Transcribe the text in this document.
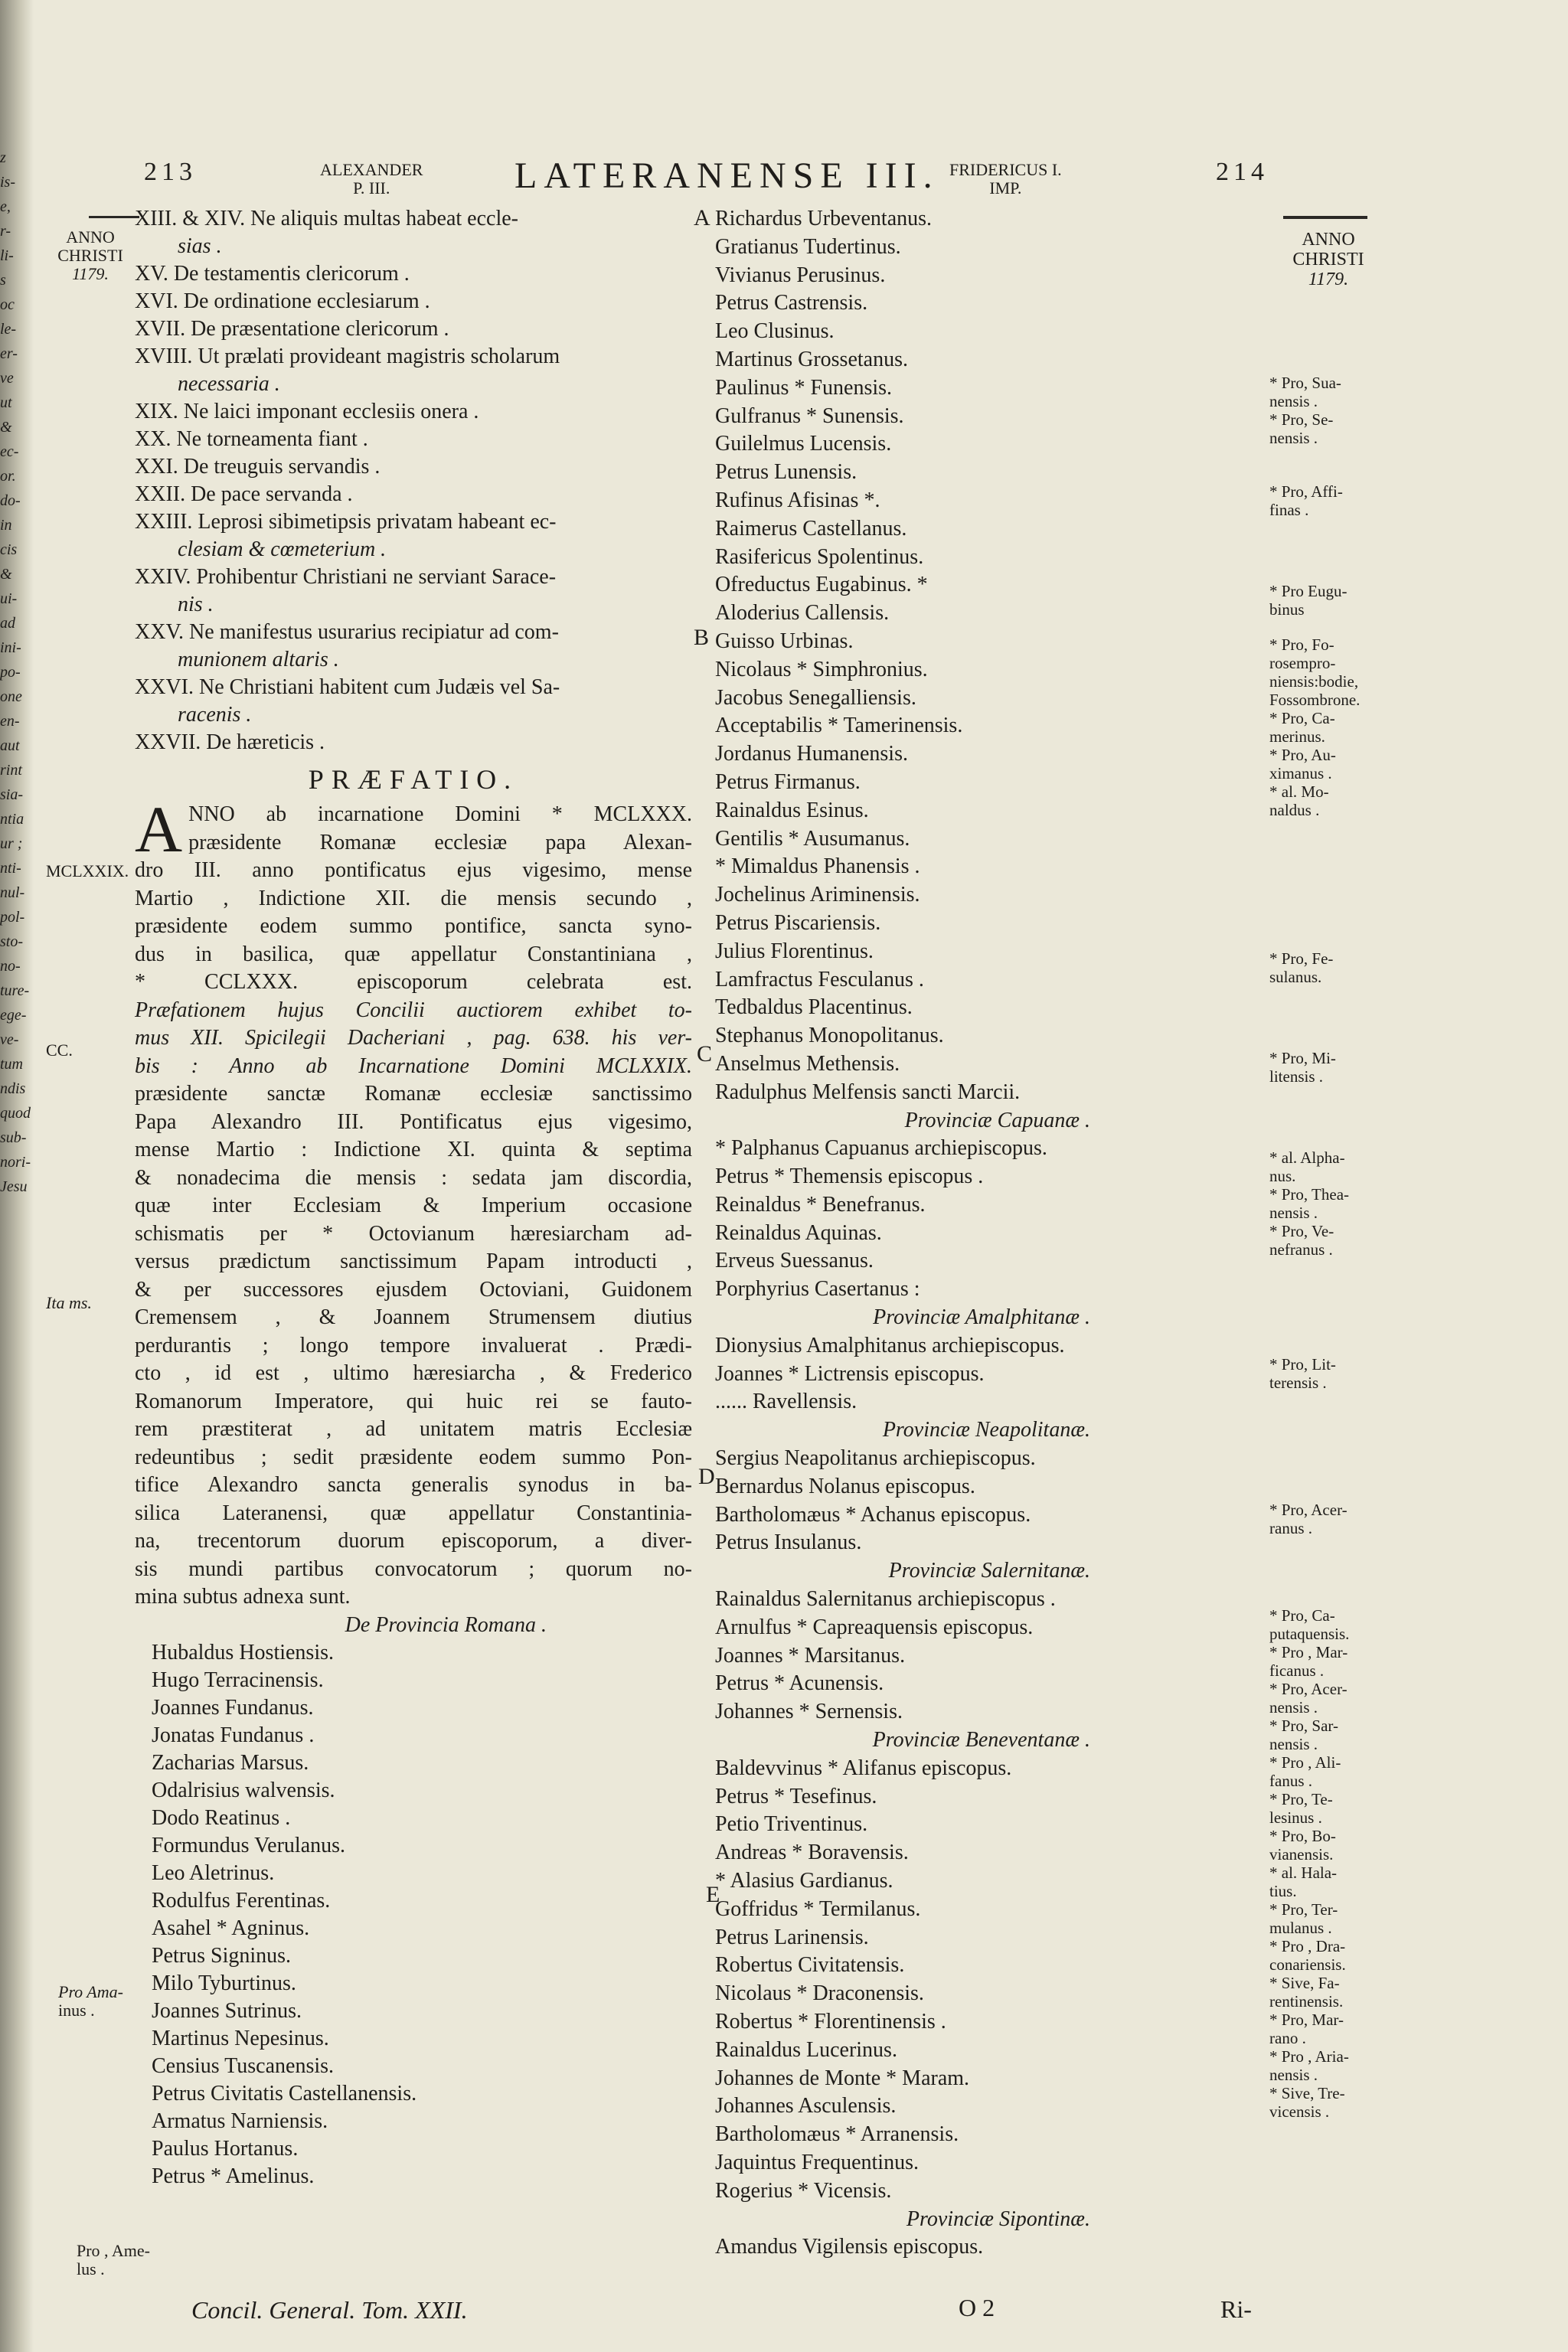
z
is-
e,
r-
li-
s
oc
le-
er-
ve
ut
&
ec-
or.
do-
in
cis
&
ui-
ad
ini-
po-
one
en-
aut
rint
sia-
ntia
ur ;
nti-
nul-
pol-
sto-
no-
ture-
ege-
ve-
tum
ndis
quod
sub-
nori-
Jesu
213	ALEXANDER
P. III.	LATERANENSE III. FRIDERICUS I.
IMP.
214
ANNO
CHRISTI
1179.
ANNO
CHRISTI
1179.
XIII. & XIV. Ne aliquis multas habeat eccle-
sias .
XV. De testamentis clericorum .
XVI. De ordinatione ecclesiarum .
XVII. De præsentatione clericorum .
XVIII. Ut prælati provideant magistris scholarum
necessaria .
XIX. Ne laici imponant ecclesiis onera .
XX. Ne torneamenta fiant .
XXI. De treuguis servandis .
XXII. De pace servanda .
XXIII. Leprosi sibimetipsis privatam habeant ec-
clesiam & cœmeterium .
XXIV. Prohibentur Christiani ne serviant Sarace-
nis .
XXV. Ne manifestus usurarius recipiatur ad com-
munionem altaris .
XXVI. Ne Christiani habitent cum Judæis vel Sa-
racenis .
XXVII. De hæreticis .
PRÆFATIO.
A NNO ab incarnatione Domini * MCLXXX.
præsidente Romanæ ecclesiæ papa Alexan-
dro III. anno pontificatus ejus vigesimo, mense
Martio , Indictione XII. die mensis secundo ,
præsidente eodem summo pontifice, sancta syno-
dus in basilica, quæ appellatur Constantiniana ,
* CCLXXX. episcoporum celebrata est.
Præfationem hujus Concilii auctiorem exhibet to-
mus XII. Spicilegii Dacheriani , pag. 638. his ver-
bis : Anno ab Incarnatione Domini MCLXXIX.
præsidente sanctæ Romanæ ecclesiæ sanctissimo
Papa Alexandro III. Pontificatus ejus vigesimo,
mense Martio : Indictione XI. quinta & septima
& nonadecima die mensis : sedata jam discordia,
quæ inter Ecclesiam & Imperium occasione
schismatis per * Octovianum hæresiarcham ad-
versus prædictum sanctissimum Papam introducti ,
& per successores ejusdem Octoviani, Guidonem
Cremensem , & Joannem Strumensem diutius
perdurantis ; longo tempore invaluerat . Prædi-
cto , id est , ultimo hæresiarcha , & Frederico
Romanorum Imperatore, qui huic rei se fauto-
rem præstiterat , ad unitatem matris Ecclesiæ
redeuntibus ; sedit præsidente eodem summo Pon-
tifice Alexandro sancta generalis synodus in ba-
silica Lateranensi, quæ appellatur Constantinia-
na, trecentorum duorum episcoporum, a diver-
sis mundi partibus convocatorum ; quorum no-
mina subtus adnexa sunt.
De Provincia Romana .
Hubaldus Hostiensis.
Hugo Terracinensis.
Joannes Fundanus.
Jonatas Fundanus .
Zacharias Marsus.
Odalrisius walvensis.
Dodo Reatinus .
Formundus Verulanus.
Leo Aletrinus.
Rodulfus Ferentinas.
Asahel * Agninus.
Petrus Signinus.
Milo Tyburtinus.
Joannes Sutrinus.
Martinus Nepesinus.
Censius Tuscanensis.
Petrus Civitatis Castellanensis.
Armatus Narniensis.
Paulus Hortanus.
Petrus * Amelinus.
Richardus Urbeventanus.
Gratianus Tudertinus.
Vivianus Perusinus.
Petrus Castrensis.
Leo Clusinus.
Martinus Grossetanus.
Paulinus * Funensis.
Gulfranus * Sunensis.
Guilelmus Lucensis.
Petrus Lunensis.
Rufinus Afisinas *.
Raimerus Castellanus.
Rasifericus Spolentinus.
Ofreductus Eugabinus. *
Aloderius Callensis.
Guisso Urbinas.
Nicolaus * Simphronius.
Jacobus Senegalliensis.
Acceptabilis * Tamerinensis.
Jordanus Humanensis.
Petrus Firmanus.
Rainaldus Esinus.
Gentilis * Ausumanus.
* Mimaldus Phanensis .
Jochelinus Ariminensis.
Petrus Piscariensis.
Julius Florentinus.
Lamfractus Fesculanus .
Tedbaldus Placentinus.
Stephanus Monopolitanus.
Anselmus Methensis.
Radulphus Melfensis sancti Marcii.
Provinciæ Capuanæ .
* Palphanus Capuanus archiepiscopus.
Petrus * Themensis episcopus .
Reinaldus * Benefranus.
Reinaldus Aquinas.
Erveus Suessanus.
Porphyrius Casertanus :
Provinciæ Amalphitanæ .
Dionysius Amalphitanus archiepiscopus.
Joannes * Lictrensis episcopus.
...... Ravellensis.
Provinciæ Neapolitanæ.
Sergius Neapolitanus archiepiscopus.
Bernardus Nolanus episcopus.
Bartholomæus * Achanus episcopus.
Petrus Insulanus.
Provinciæ Salernitanæ.
Rainaldus Salernitanus archiepiscopus .
Arnulfus * Capreaquensis episcopus.
Joannes * Marsitanus.
Petrus * Acunensis.
Johannes * Sernensis.
Provinciæ Beneventanæ .
Baldevvinus * Alifanus episcopus.
Petrus * Tesefinus.
Petio Triventinus.
Andreas * Boravensis.
* Alasius Gardianus.
Goffridus * Termilanus.
Petrus Larinensis.
Robertus Civitatensis.
Nicolaus * Draconensis.
Robertus * Florentinensis .
Rainaldus Lucerinus.
Johannes de Monte * Maram.
Johannes Asculensis.
Bartholomæus * Arranensis.
Jaquintus Frequentinus.
Rogerius * Vicensis.
Provinciæ Sipontinæ.
Amandus Vigilensis episcopus.
A
B
C
D
E
MCLXXIX.
CC.
Ita ms.
Pro Ama-
inus .
Pro , Ame-
lus .
* Pro, Sua-
nensis .
* Pro, Se-
nensis .
* Pro, Affi-
finas .
* Pro Eugu-
binus
* Pro, Fo-
rosempro-
niensis:bodie,
Fossombrone.
* Pro, Ca-
merinus.
* Pro, Au-
ximanus .
* al. Mo-
naldus .
* Pro, Fe-
sulanus.
* Pro, Mi-
litensis .
* al. Alpha-
nus.
* Pro, Thea-
nensis .
* Pro, Ve-
nefranus .
* Pro, Lit-
terensis .
* Pro, Acer-
ranus .
* Pro, Ca-
putaquensis.
* Pro , Mar-
ficanus .
* Pro, Acer-
nensis .
* Pro, Sar-
nensis .
* Pro , Ali-
fanus .
* Pro, Te-
lesinus .
* Pro, Bo-
vianensis.
* al. Hala-
tius.
* Pro, Ter-
mulanus .
* Pro , Dra-
conariensis.
* Sive, Fa-
rentinensis.
* Pro, Mar-
rano .
* Pro , Aria-
nensis .
* Sive, Tre-
vicensis .
Concil. General. Tom. XXII.	O 2	Ri-
